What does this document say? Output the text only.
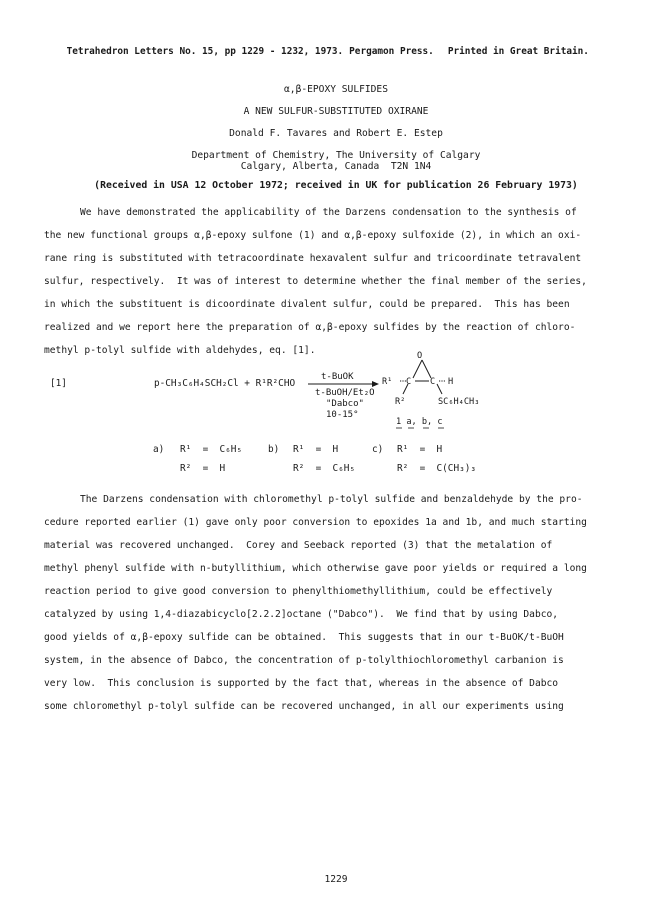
Tetrahedron Letters No. 15, pp 1229 - 1232, 1973. Pergamon Press. Printed in Great Britain.

α,β-EPOXY SULFIDES
A NEW SULFUR-SUBSTITUTED OXIRANE
Donald F. Tavares and Robert E. Estep
Department of Chemistry, The University of Calgary
Calgary, Alberta, Canada  T2N 1N4
(Received in USA 12 October 1972; received in UK for publication 26 February 1973)
We have demonstrated the applicability of the Darzens condensation to the synthesis of
the new functional groups α,β-epoxy sulfone (1) and α,β-epoxy sulfoxide (2), in which an oxi-
rane ring is substituted with tetracoordinate hexavalent sulfur and tricoordinate tetravalent
sulfur, respectively.  It was of interest to determine whether the final member of the series,
in which the substituent is dicoordinate divalent sulfur, could be prepared.  This has been
realized and we report here the preparation of α,β-epoxy sulfides by the reaction of chloro-
methyl p-tolyl sulfide with aldehydes, eq. [1].
[1]	p-CH₃C₆H₄SCH₂Cl + R¹R²CHO
t-BuOK
t-BuOH/Et₂O
"Dabco"
10-15°
O
R¹ C C H
R²	SC₆H₄CH₃
1 a, b, c
a) R¹  =  C₆H₅
R²  =  H
b) R¹  =  H
R²  =  C₆H₅
c) R¹  =  H
R²  =  C(CH₃)₃
The Darzens condensation with chloromethyl p-tolyl sulfide and benzaldehyde by the pro-
cedure reported earlier (1) gave only poor conversion to epoxides 1a and 1b, and much starting
material was recovered unchanged.  Corey and Seeback reported (3) that the metalation of
methyl phenyl sulfide with n-butyllithium, which otherwise gave poor yields or required a long
reaction period to give good conversion to phenylthiomethyllithium, could be effectively
catalyzed by using 1,4-diazabicyclo[2.2.2]octane ("Dabco").  We find that by using Dabco,
good yields of α,β-epoxy sulfide can be obtained.  This suggests that in our t-BuOK/t-BuOH
system, in the absence of Dabco, the concentration of p-tolylthiochloromethyl carbanion is
very low.  This conclusion is supported by the fact that, whereas in the absence of Dabco
some chloromethyl p-tolyl sulfide can be recovered unchanged, in all our experiments using
1229
